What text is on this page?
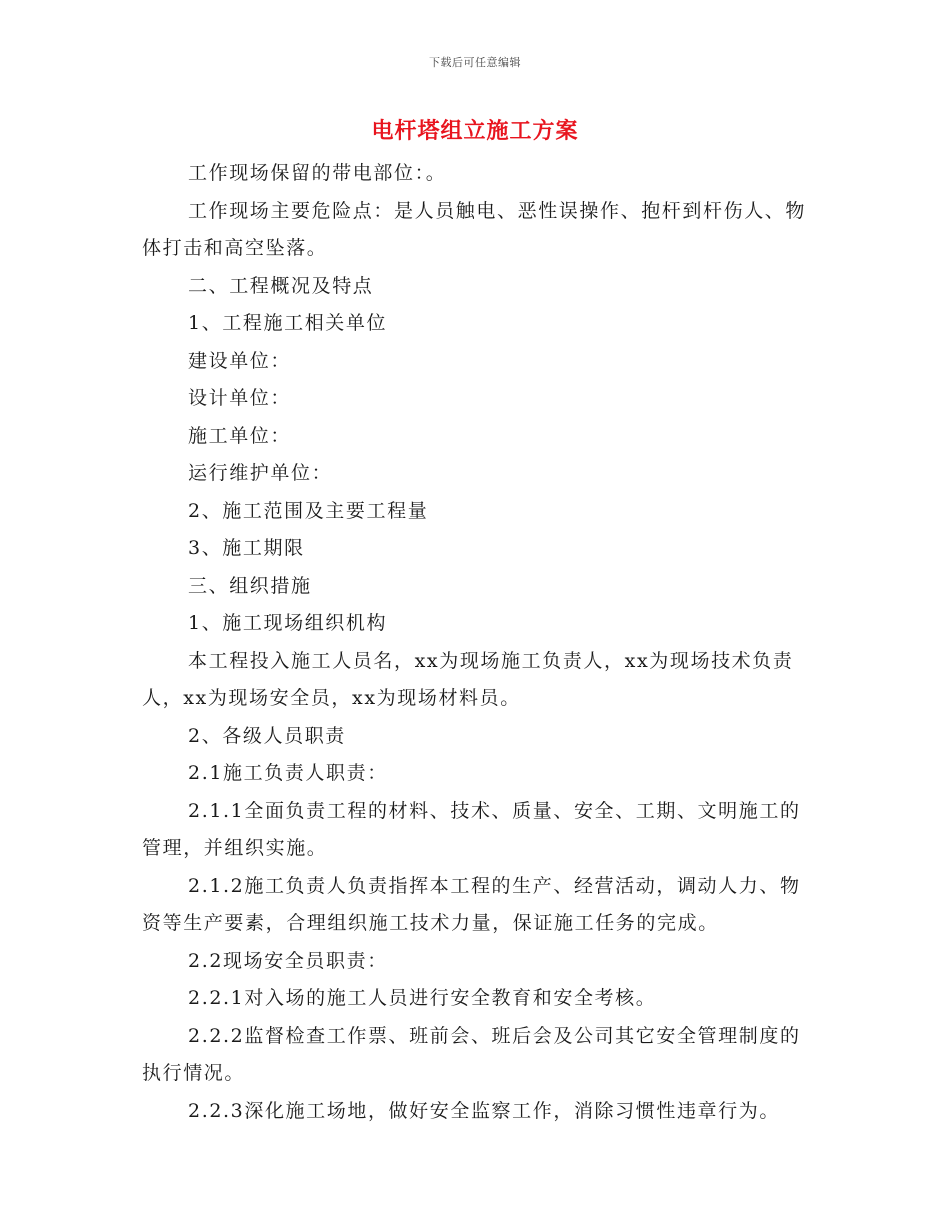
下载后可任意编辑
电杆塔组立施工方案

工作现场保留的带电部位：。

工作现场主要危险点：是人员触电、恶性误操作、抱杆到杆伤人、物体打击和高空坠落。

二、工程概况及特点

1、工程施工相关单位

建设单位：

设计单位：

施工单位：

运行维护单位：

2、施工范围及主要工程量

3、施工期限

三、组织措施

1、施工现场组织机构

本工程投入施工人员名，xx为现场施工负责人，xx为现场技术负责人，xx为现场安全员，xx为现场材料员。

2、各级人员职责

2.1施工负责人职责：

2.1.1全面负责工程的材料、技术、质量、安全、工期、文明施工的管理，并组织实施。

2.1.2施工负责人负责指挥本工程的生产、经营活动，调动人力、物资等生产要素，合理组织施工技术力量，保证施工任务的完成。

2.2现场安全员职责：

2.2.1对入场的施工人员进行安全教育和安全考核。

2.2.2监督检查工作票、班前会、班后会及公司其它安全管理制度的执行情况。

2.2.3深化施工场地，做好安全监察工作，消除习惯性违章行为。
